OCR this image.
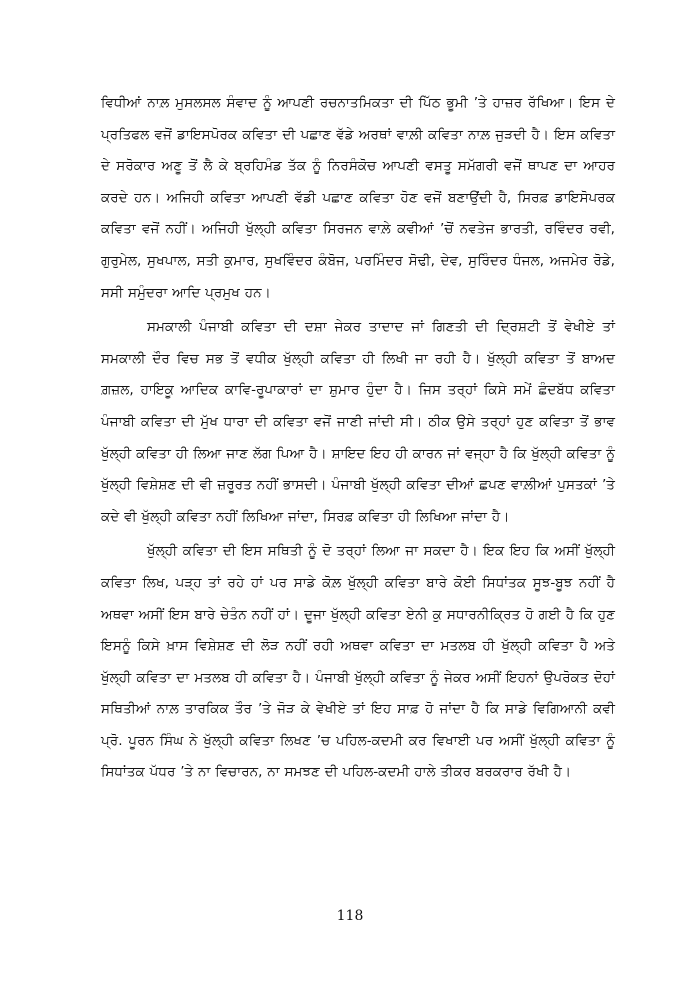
ਵਿਧੀਆਂ ਨਾਲ਼ ਮੁਸਲਸਲ ਸੰਵਾਦ ਨੂੰ ਆਪਣੀ ਰਚਨਾਤਮਿਕਤਾ ਦੀ ਪਿੱਠ ਭੂਮੀ ’ਤੇ ਹਾਜ਼ਰ ਰੱਖਿਆ। ਇਸ ਦੇ ਪ੍ਰਤਿਫਲ ਵਜੋਂ ਡਾਇਸਪੋਰਕ ਕਵਿਤਾ ਦੀ ਪਛਾਣ ਵੱਡੇ ਅਰਥਾਂ ਵਾਲ਼ੀ ਕਵਿਤਾ ਨਾਲ਼ ਜੁੜਦੀ ਹੈ। ਇਸ ਕਵਿਤਾ ਦੇ ਸਰੋਕਾਰ ਅਣੂ ਤੋਂ ਲੈ ਕੇ ਬ੍ਰਹਿਮੰਡ ਤੱਕ ਨੂੰ ਨਿਰਸੰਕੋਚ ਆਪਣੀ ਵਸਤੂ ਸਮੱਗਰੀ ਵਜੋਂ ਥਾਪਣ ਦਾ ਆਹਰ ਕਰਦੇ ਹਨ। ਅਜਿਹੀ ਕਵਿਤਾ ਆਪਣੀ ਵੱਡੀ ਪਛਾਣ ਕਵਿਤਾ ਹੋਣ ਵਜੋਂ ਬਣਾਉਂਦੀ ਹੈ, ਸਿਰਫ਼ ਡਾਇਸੋਪਰਕ ਕਵਿਤਾ ਵਜੋਂ ਨਹੀਂ। ਅਜਿਹੀ ਖੁੱਲ੍ਹੀ ਕਵਿਤਾ ਸਿਰਜਨ ਵਾਲ਼ੇ ਕਵੀਆਂ ’ਚੋਂ ਨਵਤੇਜ ਭਾਰਤੀ, ਰਵਿੰਦਰ ਰਵੀ, ਗੁਰੁਮੇਲ, ਸੁਖਪਾਲ, ਸਤੀ ਕੁਮਾਰ, ਸੁਖਵਿੰਦਰ ਕੰਬੋਜ, ਪਰਮਿੰਦਰ ਸੋਢੀ, ਦੇਵ, ਸੁਰਿੰਦਰ ਧੰਜਲ, ਅਜਮੇਰ ਰੋਡੇ, ਸਸੀ ਸਮੁੰਦਰਾ ਆਦਿ ਪ੍ਰਮੁਖ ਹਨ।

ਸਮਕਾਲੀ ਪੰਜਾਬੀ ਕਵਿਤਾ ਦੀ ਦਸ਼ਾ ਜੇਕਰ ਤਾਦਾਦ ਜਾਂ ਗਿਣਤੀ ਦੀ ਦ੍ਰਿਸ਼ਟੀ ਤੋਂ ਵੇਖੀਏ ਤਾਂ ਸਮਕਾਲੀ ਦੌਰ ਵਿਚ ਸਭ ਤੋਂ ਵਧੀਕ ਖੁੱਲ੍ਹੀ ਕਵਿਤਾ ਹੀ ਲਿਖੀ ਜਾ ਰਹੀ ਹੈ। ਖੁੱਲ੍ਹੀ ਕਵਿਤਾ ਤੋਂ ਬਾਅਦ ਗ਼ਜ਼ਲ, ਹਾਇਕੂ ਆਦਿਕ ਕਾਵਿ-ਰੂਪਾਕਾਰਾਂ ਦਾ ਸ਼ੁਮਾਰ ਹੁੰਦਾ ਹੈ। ਜਿਸ ਤਰ੍ਹਾਂ ਕਿਸੇ ਸਮੇਂ ਛੰਦਬੱਧ ਕਵਿਤਾ ਪੰਜਾਬੀ ਕਵਿਤਾ ਦੀ ਮੁੱਖ ਧਾਰਾ ਦੀ ਕਵਿਤਾ ਵਜੋਂ ਜਾਣੀ ਜਾਂਦੀ ਸੀ। ਠੀਕ ਉਸੇ ਤਰ੍ਹਾਂ ਹੁਣ ਕਵਿਤਾ ਤੋਂ ਭਾਵ ਖੁੱਲ੍ਹੀ ਕਵਿਤਾ ਹੀ ਲਿਆ ਜਾਣ ਲੱਗ ਪਿਆ ਹੈ। ਸ਼ਾਇਦ ਇਹ ਹੀ ਕਾਰਨ ਜਾਂ ਵਜ੍ਹਾ ਹੈ ਕਿ ਖੁੱਲ੍ਹੀ ਕਵਿਤਾ ਨੂੰ ਖੁੱਲ੍ਹੀ ਵਿਸ਼ੇਸ਼ਣ ਦੀ ਵੀ ਜ਼ਰੂਰਤ ਨਹੀਂ ਭਾਸਦੀ। ਪੰਜਾਬੀ ਖੁੱਲ੍ਹੀ ਕਵਿਤਾ ਦੀਆਂ ਛਪਣ ਵਾਲ਼ੀਆਂ ਪੁਸਤਕਾਂ ’ਤੇ ਕਦੇ ਵੀ ਖੁੱਲ੍ਹੀ ਕਵਿਤਾ ਨਹੀਂ ਲਿਖਿਆ ਜਾਂਦਾ, ਸਿਰਫ਼ ਕਵਿਤਾ ਹੀ ਲਿਖਿਆ ਜਾਂਦਾ ਹੈ।

ਖੁੱਲ੍ਹੀ ਕਵਿਤਾ ਦੀ ਇਸ ਸਥਿਤੀ ਨੂੰ ਦੋ ਤਰ੍ਹਾਂ ਲਿਆ ਜਾ ਸਕਦਾ ਹੈ। ਇਕ ਇਹ ਕਿ ਅਸੀਂ ਖੁੱਲ੍ਹੀ ਕਵਿਤਾ ਲਿਖ, ਪੜ੍ਹ ਤਾਂ ਰਹੇ ਹਾਂ ਪਰ ਸਾਡੇ ਕੋਲ਼ ਖੁੱਲ੍ਹੀ ਕਵਿਤਾ ਬਾਰੇ ਕੋਈ ਸਿਧਾਂਤਕ ਸੂਝ-ਬੂਝ ਨਹੀਂ ਹੈ ਅਥਵਾ ਅਸੀਂ ਇਸ ਬਾਰੇ ਚੇਤੰਨ ਨਹੀਂ ਹਾਂ। ਦੂਜਾ ਖੁੱਲ੍ਹੀ ਕਵਿਤਾ ਏਨੀ ਕੁ ਸਧਾਰਨੀਕ੍ਰਿਤ ਹੋ ਗਈ ਹੈ ਕਿ ਹੁਣ ਇਸਨੂੰ ਕਿਸੇ ਖ਼ਾਸ ਵਿਸ਼ੇਸ਼ਣ ਦੀ ਲੋੜ ਨਹੀਂ ਰਹੀ ਅਥਵਾ ਕਵਿਤਾ ਦਾ ਮਤਲਬ ਹੀ ਖੁੱਲ੍ਹੀ ਕਵਿਤਾ ਹੈ ਅਤੇ ਖੁੱਲ੍ਹੀ ਕਵਿਤਾ ਦਾ ਮਤਲਬ ਹੀ ਕਵਿਤਾ ਹੈ। ਪੰਜਾਬੀ ਖੁੱਲ੍ਹੀ ਕਵਿਤਾ ਨੂੰ ਜੇਕਰ ਅਸੀਂ ਇਹਨਾਂ ਉਪਰੋਕਤ ਦੋਹਾਂ ਸਥਿਤੀਆਂ ਨਾਲ਼ ਤਾਰਕਿਕ ਤੌਰ ’ਤੇ ਜੋੜ ਕੇ ਵੇਖੀਏ ਤਾਂ ਇਹ ਸਾਫ਼ ਹੋ ਜਾਂਦਾ ਹੈ ਕਿ ਸਾਡੇ ਵਿਗਿਆਨੀ ਕਵੀ ਪ੍ਰੋ. ਪੂਰਨ ਸਿੰਘ ਨੇ ਖੁੱਲ੍ਹੀ ਕਵਿਤਾ ਲਿਖਣ ’ਚ ਪਹਿਲ-ਕਦਮੀ ਕਰ ਵਿਖਾਈ ਪਰ ਅਸੀਂ ਖੁੱਲ੍ਹੀ ਕਵਿਤਾ ਨੂੰ ਸਿਧਾਂਤਕ ਪੱਧਰ ’ਤੇ ਨਾ ਵਿਚਾਰਨ, ਨਾ ਸਮਝਣ ਦੀ ਪਹਿਲ-ਕਦਮੀ ਹਾਲੇ ਤੀਕਰ ਬਰਕਰਾਰ ਰੱਖੀ ਹੈ।

118
